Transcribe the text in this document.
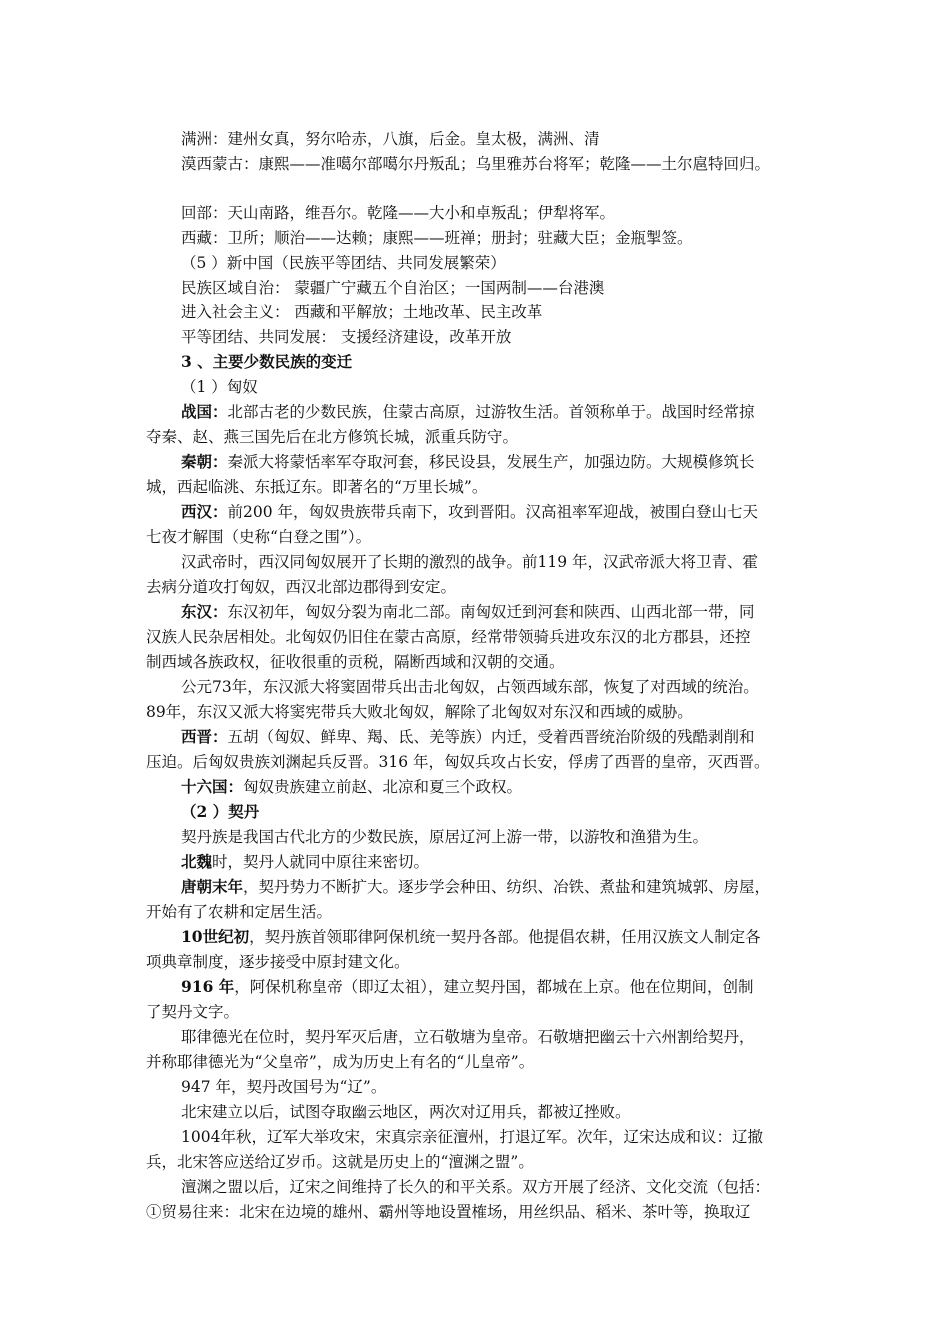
满洲：建州女真，努尔哈赤，八旗，后金。皇太极，满洲、清
漠西蒙古：康熙——准噶尔部噶尔丹叛乱；乌里雅苏台将军；乾隆——土尔扈特回归。
回部：天山南路，维吾尔。乾隆——大小和卓叛乱；伊犁将军。
西藏：卫所；顺治——达赖；康熙——班禅；册封；驻藏大臣；金瓶掣签。
（5 ）新中国（民族平等团结、共同发展繁荣）
民族区域自治： 蒙疆广宁藏五个自治区；一国两制——台港澳
进入社会主义： 西藏和平解放；土地改革、民主改革
平等团结、共同发展： 支援经济建设，改革开放
3 、主要少数民族的变迁
（1 ）匈奴
战国：北部古老的少数民族，住蒙古高原，过游牧生活。首领称单于。战国时经常掠
夺秦、赵、燕三国先后在北方修筑长城，派重兵防守。
秦朝：秦派大将蒙恬率军夺取河套，移民设县，发展生产，加强边防。大规模修筑长
城，西起临洮、东抵辽东。即著名的“万里长城”。
西汉：前200 年，匈奴贵族带兵南下，攻到晋阳。汉高祖率军迎战，被围白登山七天
七夜才解围（史称“白登之围”）。
汉武帝时，西汉同匈奴展开了长期的激烈的战争。前119 年，汉武帝派大将卫青、霍
去病分道攻打匈奴，西汉北部边郡得到安定。
东汉：东汉初年，匈奴分裂为南北二部。南匈奴迁到河套和陕西、山西北部一带，同
汉族人民杂居相处。北匈奴仍旧住在蒙古高原，经常带领骑兵进攻东汉的北方郡县，还控
制西域各族政权，征收很重的贡税，隔断西域和汉朝的交通。
公元73年，东汉派大将窦固带兵出击北匈奴，占领西域东部，恢复了对西域的统治。
89年，东汉又派大将窦宪带兵大败北匈奴，解除了北匈奴对东汉和西域的威胁。
西晋：五胡（匈奴、鲜卑、羯、氐、羌等族）内迁，受着西晋统治阶级的残酷剥削和
压迫。后匈奴贵族刘渊起兵反晋。316 年，匈奴兵攻占长安，俘虏了西晋的皇帝，灭西晋。
十六国：匈奴贵族建立前赵、北凉和夏三个政权。
（2 ）契丹
契丹族是我国古代北方的少数民族，原居辽河上游一带，以游牧和渔猎为生。
北魏时，契丹人就同中原往来密切。
唐朝末年，契丹势力不断扩大。逐步学会种田、纺织、冶铁、煮盐和建筑城郭、房屋，
开始有了农耕和定居生活。
10世纪初，契丹族首领耶律阿保机统一契丹各部。他提倡农耕，任用汉族文人制定各
项典章制度，逐步接受中原封建文化。
916 年，阿保机称皇帝（即辽太祖），建立契丹国，都城在上京。他在位期间，创制
了契丹文字。
耶律德光在位时，契丹军灭后唐，立石敬塘为皇帝。石敬塘把幽云十六州割给契丹，
并称耶律德光为“父皇帝”，成为历史上有名的“儿皇帝”。
947 年，契丹改国号为“辽”。
北宋建立以后，试图夺取幽云地区，两次对辽用兵，都被辽挫败。
1004年秋，辽军大举攻宋，宋真宗亲征澶州，打退辽军。次年，辽宋达成和议：辽撤
兵，北宋答应送给辽岁币。这就是历史上的“澶渊之盟”。
澶渊之盟以后，辽宋之间维持了长久的和平关系。双方开展了经济、文化交流（包括：
①贸易往来：北宋在边境的雄州、霸州等地设置榷场，用丝织品、稻米、茶叶等，换取辽
